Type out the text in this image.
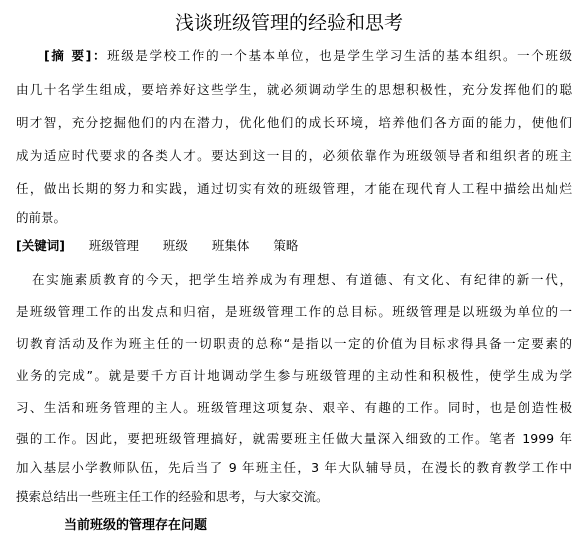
浅谈班级管理的经验和思考
[摘 要]：班级是学校工作的一个基本单位，也是学生学习生活的基本组织。一个班级
由几十名学生组成，要培养好这些学生，就必须调动学生的思想积极性，充分发挥他们的聪
明才智，充分挖掘他们的内在潜力，优化他们的成长环境，培养他们各方面的能力，使他们
成为适应时代要求的各类人才。要达到这一目的，必须依靠作为班级领导者和组织者的班主
任，做出长期的努力和实践，通过切实有效的班级管理，才能在现代育人工程中描绘出灿烂
的前景。
[关键词] 班级管理 班级 班集体 策略
在实施素质教育的今天，把学生培养成为有理想、有道德、有文化、有纪律的新一代，
是班级管理工作的出发点和归宿，是班级管理工作的总目标。班级管理是以班级为单位的一
切教育活动及作为班主任的一切职责的总称“是指以一定的价值为目标求得具备一定要素的
业务的完成”。就是要千方百计地调动学生参与班级管理的主动性和积极性，使学生成为学
习、生活和班务管理的主人。班级管理这项复杂、艰辛、有趣的工作。同时，也是创造性极
强的工作。因此，要把班级管理搞好，就需要班主任做大量深入细致的工作。笔者 1999 年
加入基层小学教师队伍，先后当了 9 年班主任，3 年大队辅导员，在漫长的教育教学工作中
摸索总结出一些班主任工作的经验和思考，与大家交流。
当前班级的管理存在问题
